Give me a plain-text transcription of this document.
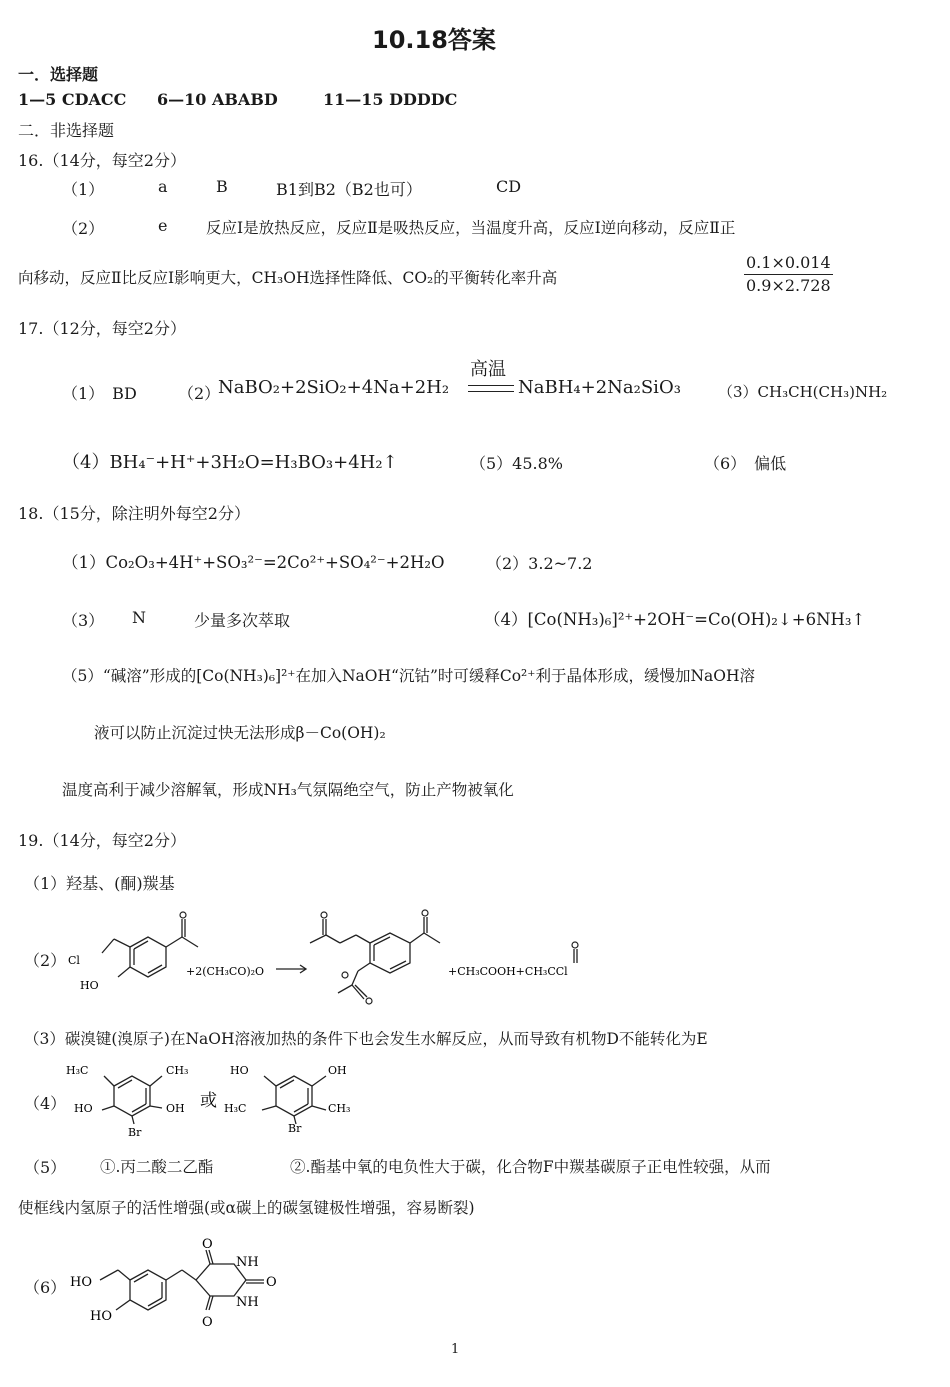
10.18答案
一．选择题
1—5 CDACC 6—10 ABABD	11—15 DDDDC
二．非选择题
16.（14分，每空2分）
（1）	a	B	B1到B2（B2也可）	CD
（2）	e 反应Ⅰ是放热反应，反应Ⅱ是吸热反应，当温度升高，反应Ⅰ逆向移动，反应Ⅱ正
向移动，反应Ⅱ比反应Ⅰ影响更大，CH₃OH选择性降低、CO₂的平衡转化率升高	$\frac{0.1\times 0.014}{0.9\times 2.728}$
17.（12分，每空2分）
（1）　BD	（2）
NaBO₂+2SiO₂+4Na+2H₂
高温
NaBH₄+2Na₂SiO₃ （3）CH₃CH(CH₃)NH₂
（4）BH₄⁻+H⁺+3H₂O=H₃BO₃+4H₂↑	（5）45.8%	（6）　偏低
18.（15分，除注明外每空2分）
（1）Co₂O₃+4H⁺+SO₃²⁻=2Co²⁺+SO₄²⁻+2H₂O	（2）3.2~7.2
（3） N	少量多次萃取	（4）[Co(NH₃)₆]²⁺+2OH⁻=Co(OH)₂↓+6NH₃↑
（5）“碱溶”形成的[Co(NH₃)₆]²⁺在加入NaOH“沉钴”时可缓释Co²⁺利于晶体形成，缓慢加NaOH溶
液可以防止沉淀过快无法形成β－Co(OH)₂
温度高利于减少溶解氧，形成NH₃气氛隔绝空气，防止产物被氧化
19.（14分，每空2分）
（1）羟基、(酮)羰基
（2） Cl
HO
+2(CH₃CO)₂O	+CH₃COOH+CH₃CCl
（3）碳溴键(溴原子)在NaOH溶液加热的条件下也会发生水解反应，从而导致有机物D不能转化为E
（4）
H₃C	CH₃
HO	OH
Br
或
HO	OH
H₃C	CH₃
Br
（5） ①.丙二酸二乙酯	②.酯基中氧的电负性大于碳，化合物F中羰基碳原子正电性较强，从而
使框线内氢原子的活性增强(或α碳上的碳氢键极性增强，容易断裂)
（6） HO
HO
O
NH
O
NH
O
1
